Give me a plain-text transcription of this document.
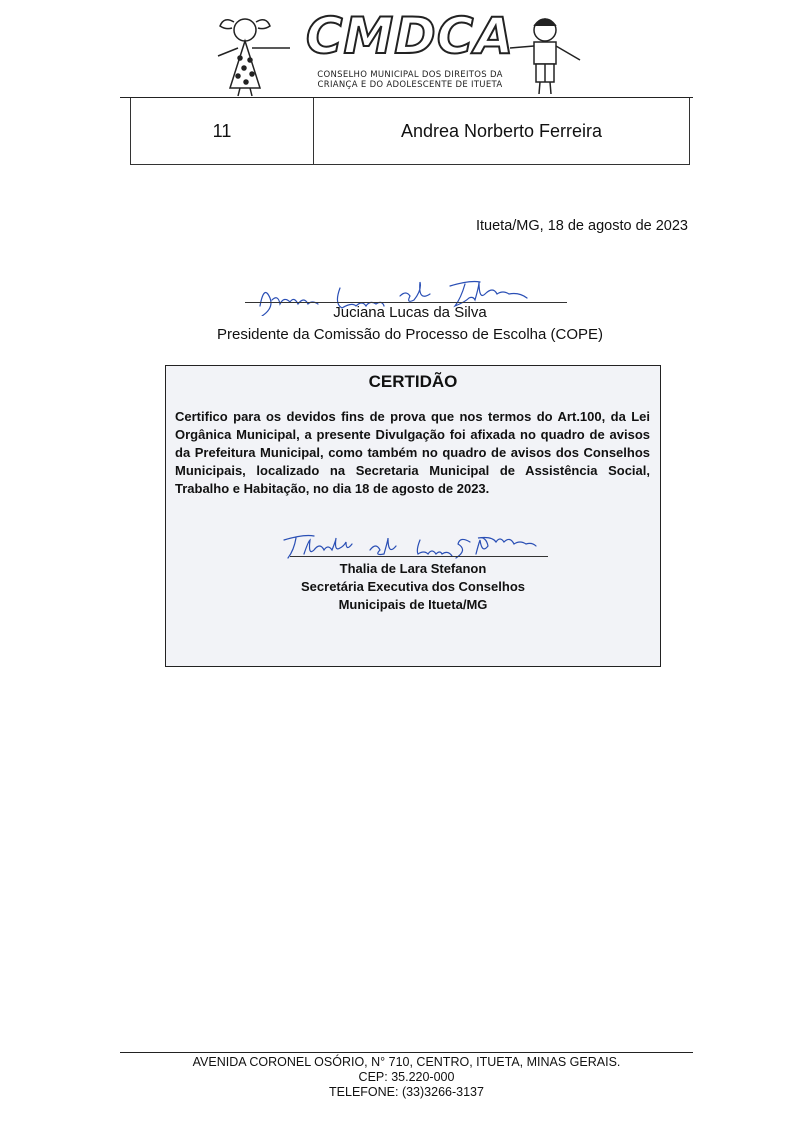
CMDCA
CONSELHO MUNICIPAL DOS DIREITOS DA
CRIANÇA E DO ADOLESCENTE DE ITUETA
11	Andrea Norberto Ferreira
Itueta/MG, 18 de agosto de 2023
Juciana Lucas da Silva
Presidente da Comissão do Processo de Escolha (COPE)
CERTIDÃO
Certifico para os devidos fins de prova que nos termos do Art.100, da Lei Orgânica Municipal, a presente Divulgação foi afixada no quadro de avisos da Prefeitura Municipal, como também no quadro de avisos dos Conselhos Municipais, localizado na Secretaria Municipal de Assistência Social, Trabalho e Habitação, no dia 18 de agosto de 2023.
Thalia de Lara Stefanon
Secretária Executiva dos Conselhos
Municipais de Itueta/MG
AVENIDA CORONEL OSÓRIO, N° 710, CENTRO, ITUETA, MINAS GERAIS.
CEP: 35.220-000
TELEFONE: (33)3266-3137
